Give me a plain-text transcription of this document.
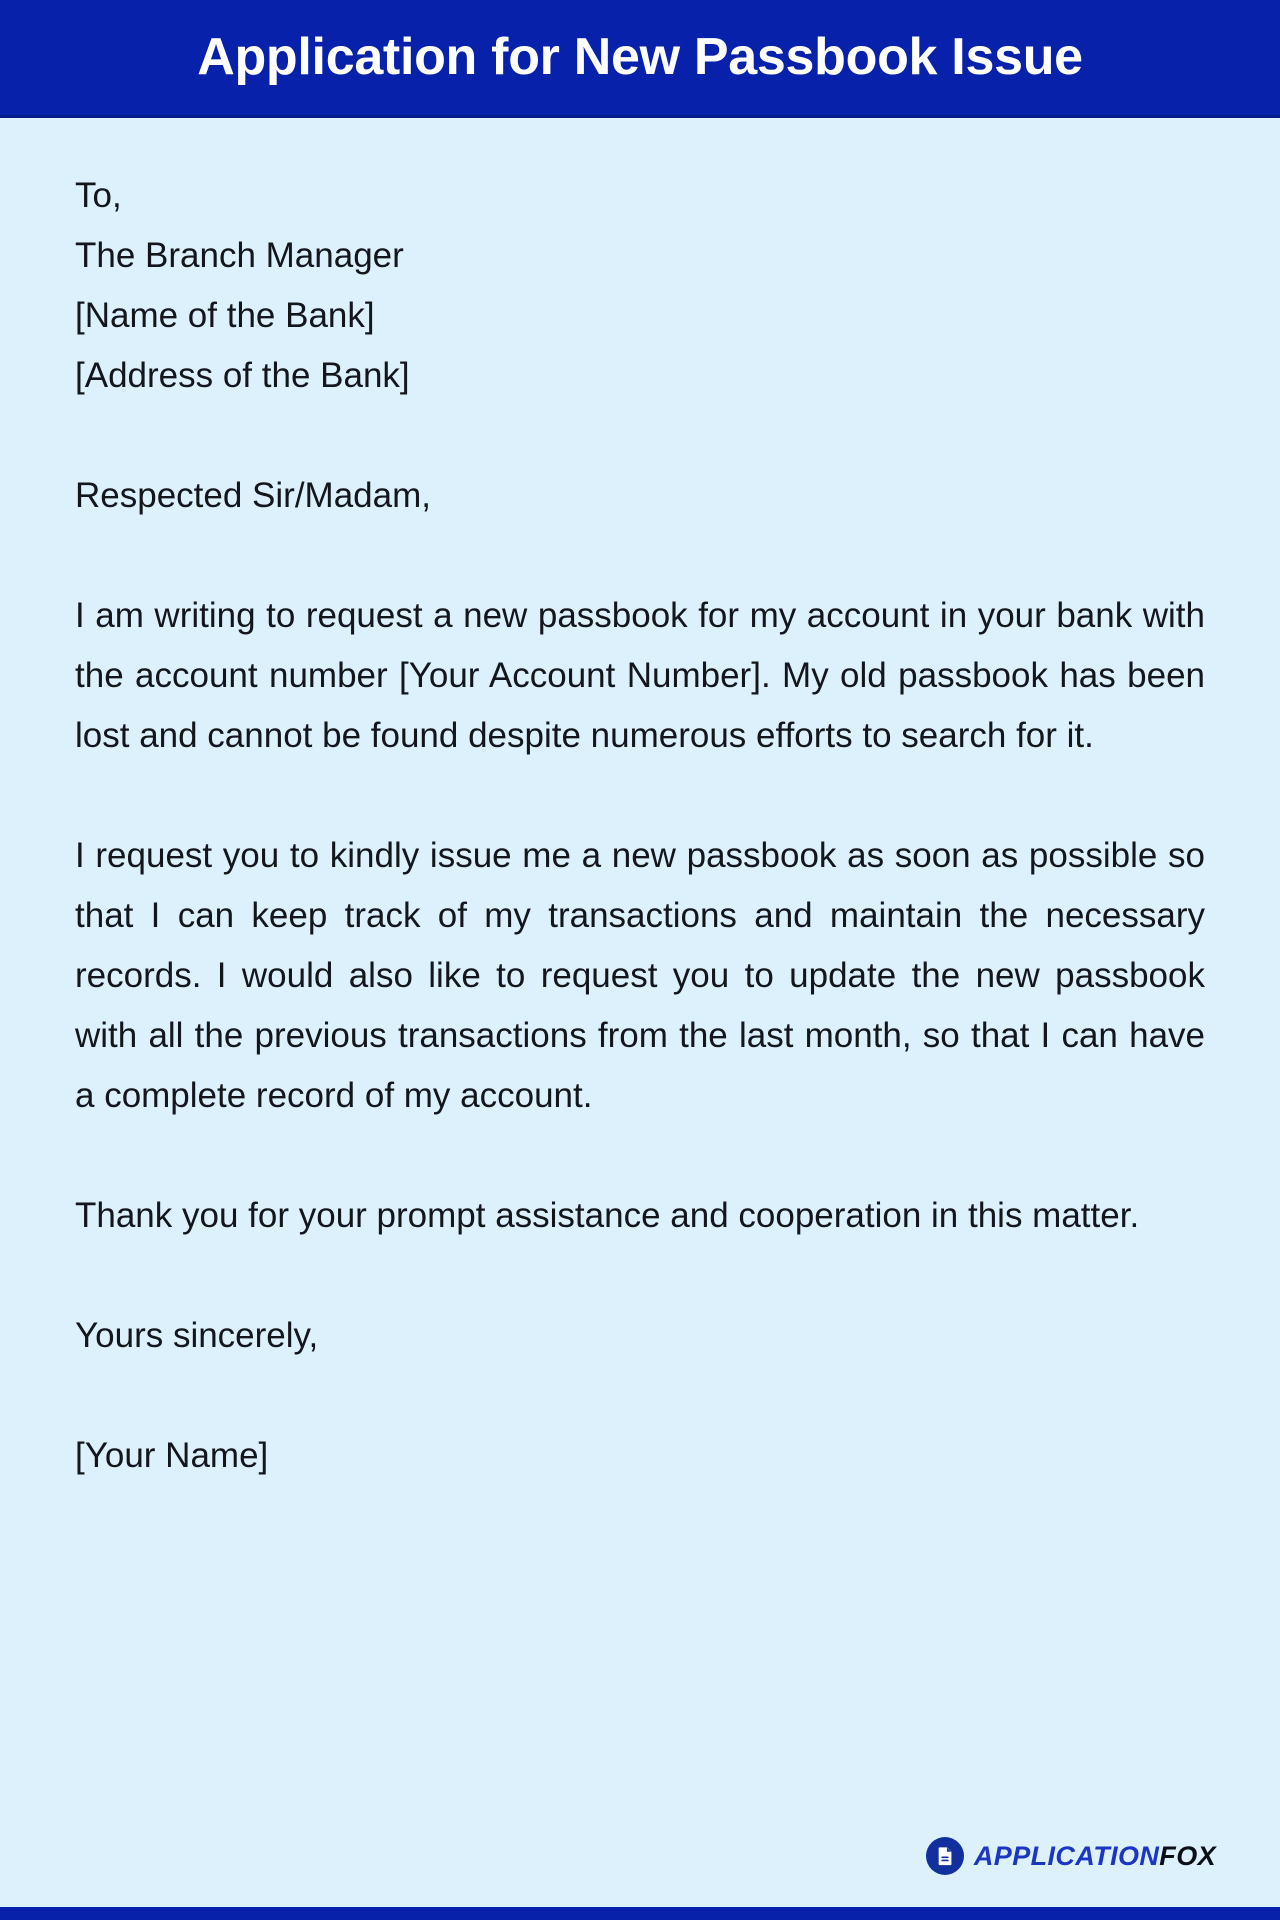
Application for New Passbook Issue
To,
The Branch Manager
[Name of the Bank]
[Address of the Bank]
Respected Sir/Madam,

I am writing to request a new passbook for my account in your bank with the account number [Your Account Number]. My old passbook has been lost and cannot be found despite numerous efforts to search for it.

I request you to kindly issue me a new passbook as soon as possible so that I can keep track of my transactions and maintain the necessary records. I would also like to request you to update the new passbook with all the previous transactions from the last month, so that I can have a complete record of my account.

Thank you for your prompt assistance and cooperation in this matter.

Yours sincerely,
[Your Name]
APPLICATIONFOX
